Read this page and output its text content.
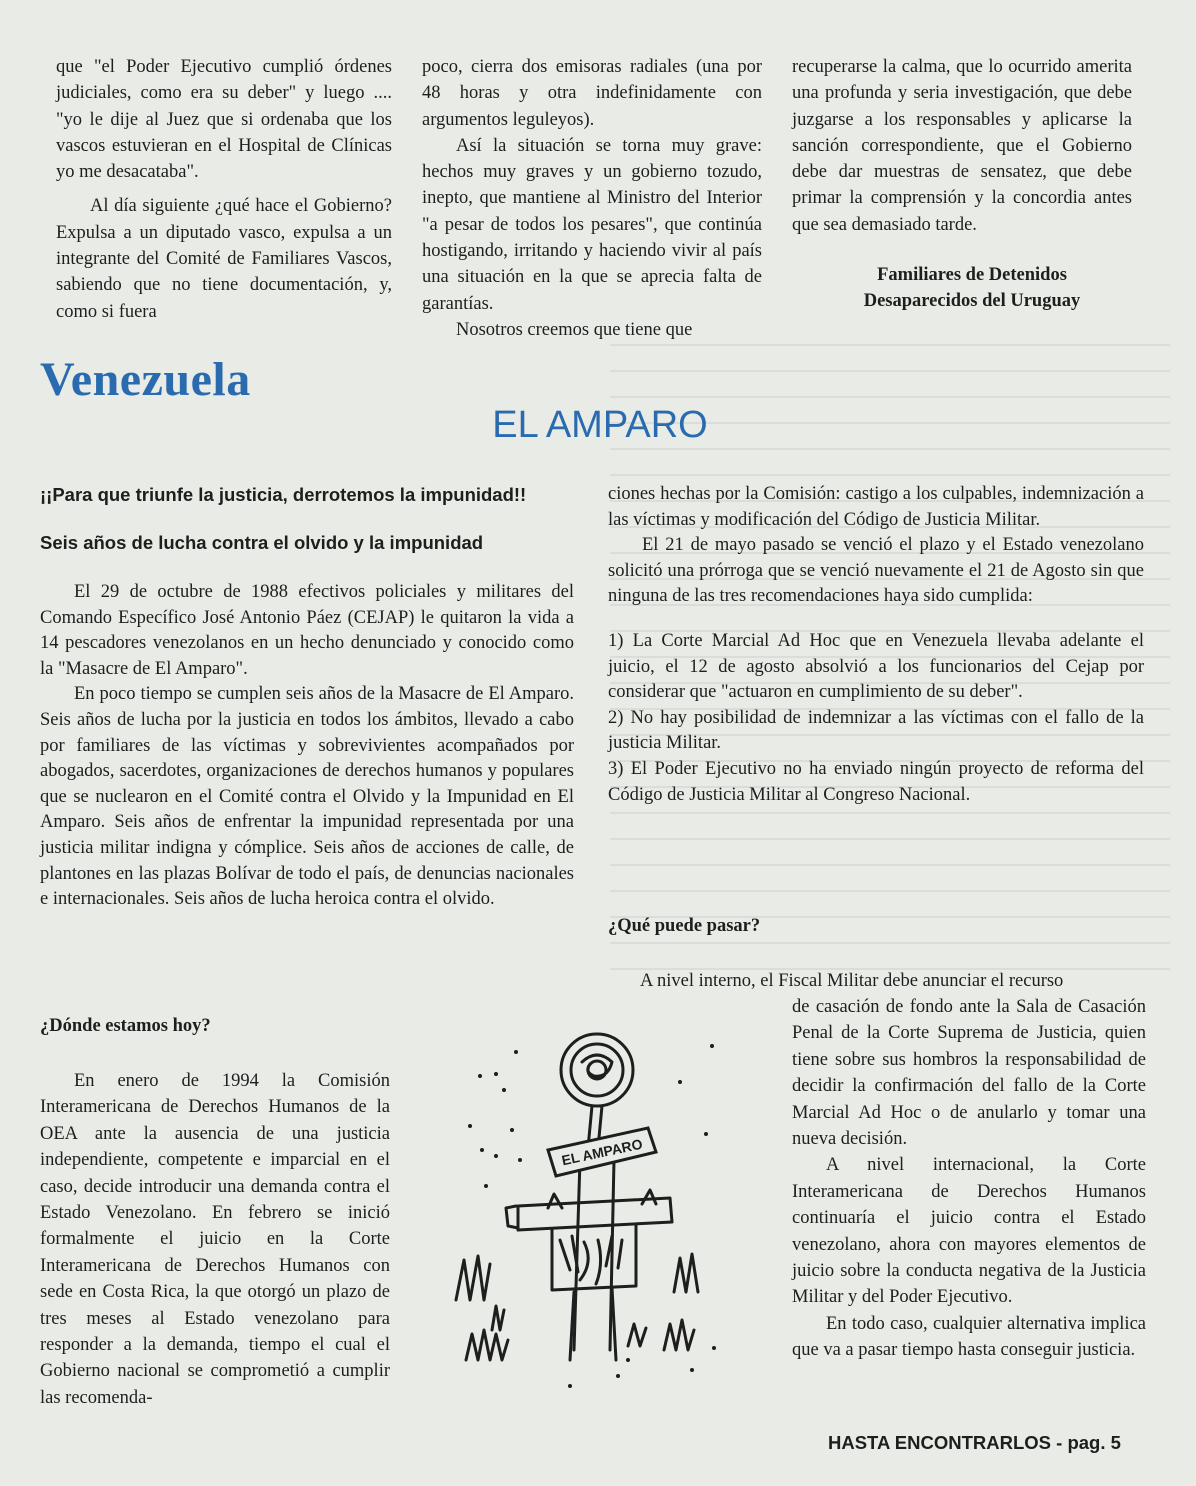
que "el Poder Ejecutivo cumplió órdenes judiciales, como era su deber" y luego .... "yo le dije al Juez que si ordenaba que los vascos estuvieran en el Hospital de Clínicas yo me desacataba".

Al día siguiente ¿qué hace el Gobierno? Expulsa a un diputado vasco, expulsa a un integrante del Comité de Familiares Vascos, sabiendo que no tiene documentación, y, como si fuera

poco, cierra dos emisoras radiales (una por 48 horas y otra indefinidamente con argumentos leguleyos).

Así la situación se torna muy grave: hechos muy graves y un gobierno tozudo, inepto, que mantiene al Ministro del Interior "a pesar de todos los pesares", que continúa hostigando, irritando y haciendo vivir al país una situación en la que se aprecia falta de garantías.

Nosotros creemos que tiene que

recuperarse la calma, que lo ocurrido amerita una profunda y seria investigación, que debe juzgarse a los responsables y aplicarse la sanción correspondiente, que el Gobierno debe dar muestras de sensatez, que debe primar la comprensión y la concordia antes que sea demasiado tarde.

Familiares de Detenidos
Desaparecidos del Uruguay
Venezuela
EL AMPARO
¡¡Para que triunfe la justicia, derrotemos la impunidad!!
Seis años de lucha contra el olvido y la impunidad

El 29 de octubre de 1988 efectivos policiales y militares del Comando Específico José Antonio Páez (CEJAP) le quitaron la vida a 14 pescadores venezolanos en un hecho denunciado y conocido como la "Masacre de El Amparo".

En poco tiempo se cumplen seis años de la Masacre de El Amparo. Seis años de lucha por la justicia en todos los ámbitos, llevado a cabo por familiares de las víctimas y sobrevivientes acompañados por abogados, sacerdotes, organizaciones de derechos humanos y populares que se nuclearon en el Comité contra el Olvido y la Impunidad en El Amparo. Seis años de enfrentar la impunidad representada por una justicia militar indigna y cómplice. Seis años de acciones de calle, de plantones en las plazas Bolívar de todo el país, de denuncias nacionales e internacionales. Seis años de lucha heroica contra el olvido.

¿Dónde estamos hoy?

En enero de 1994 la Comisión Interamericana de Derechos Humanos de la OEA ante la ausencia de una justicia independiente, competente e imparcial en el caso, decide introducir una demanda contra el Estado Venezolano. En febrero se inició formalmente el juicio en la Corte Interamericana de Derechos Humanos con sede en Costa Rica, la que otorgó un plazo de tres meses al Estado venezolano para responder a la demanda, tiempo el cual el Gobierno nacional se comprometió a cumplir las recomenda-

ciones hechas por la Comisión: castigo a los culpables, indemnización a las víctimas y modificación del Código de Justicia Militar.

El 21 de mayo pasado se venció el plazo y el Estado venezolano solicitó una prórroga que se venció nuevamente el 21 de Agosto sin que ninguna de las tres recomendaciones haya sido cumplida:

1) La Corte Marcial Ad Hoc que en Venezuela llevaba adelante el juicio, el 12 de agosto absolvió a los funcionarios del Cejap por considerar que "actuaron en cumplimiento de su deber".

2) No hay posibilidad de indemnizar a las víctimas con el fallo de la justicia Militar.

3) El Poder Ejecutivo no ha enviado ningún proyecto de reforma del Código de Justicia Militar al Congreso Nacional.

¿Qué puede pasar?

A nivel interno, el Fiscal Militar debe anunciar el recurso

de casación de fondo ante la Sala de Casación Penal de la Corte Suprema de Justicia, quien tiene sobre sus hombros la responsabilidad de decidir la confirmación del fallo de la Corte Marcial Ad Hoc o de anularlo y tomar una nueva decisión.

A nivel internacional, la Corte Interamericana de Derechos Humanos continuaría el juicio contra el Estado venezolano, ahora con mayores elementos de juicio sobre la conducta negativa de la Justicia Militar y del Poder Ejecutivo.

En todo caso, cualquier alternativa implica que va a pasar tiempo hasta conseguir justicia.

EL AMPARO
HASTA ENCONTRARLOS - pag. 5
